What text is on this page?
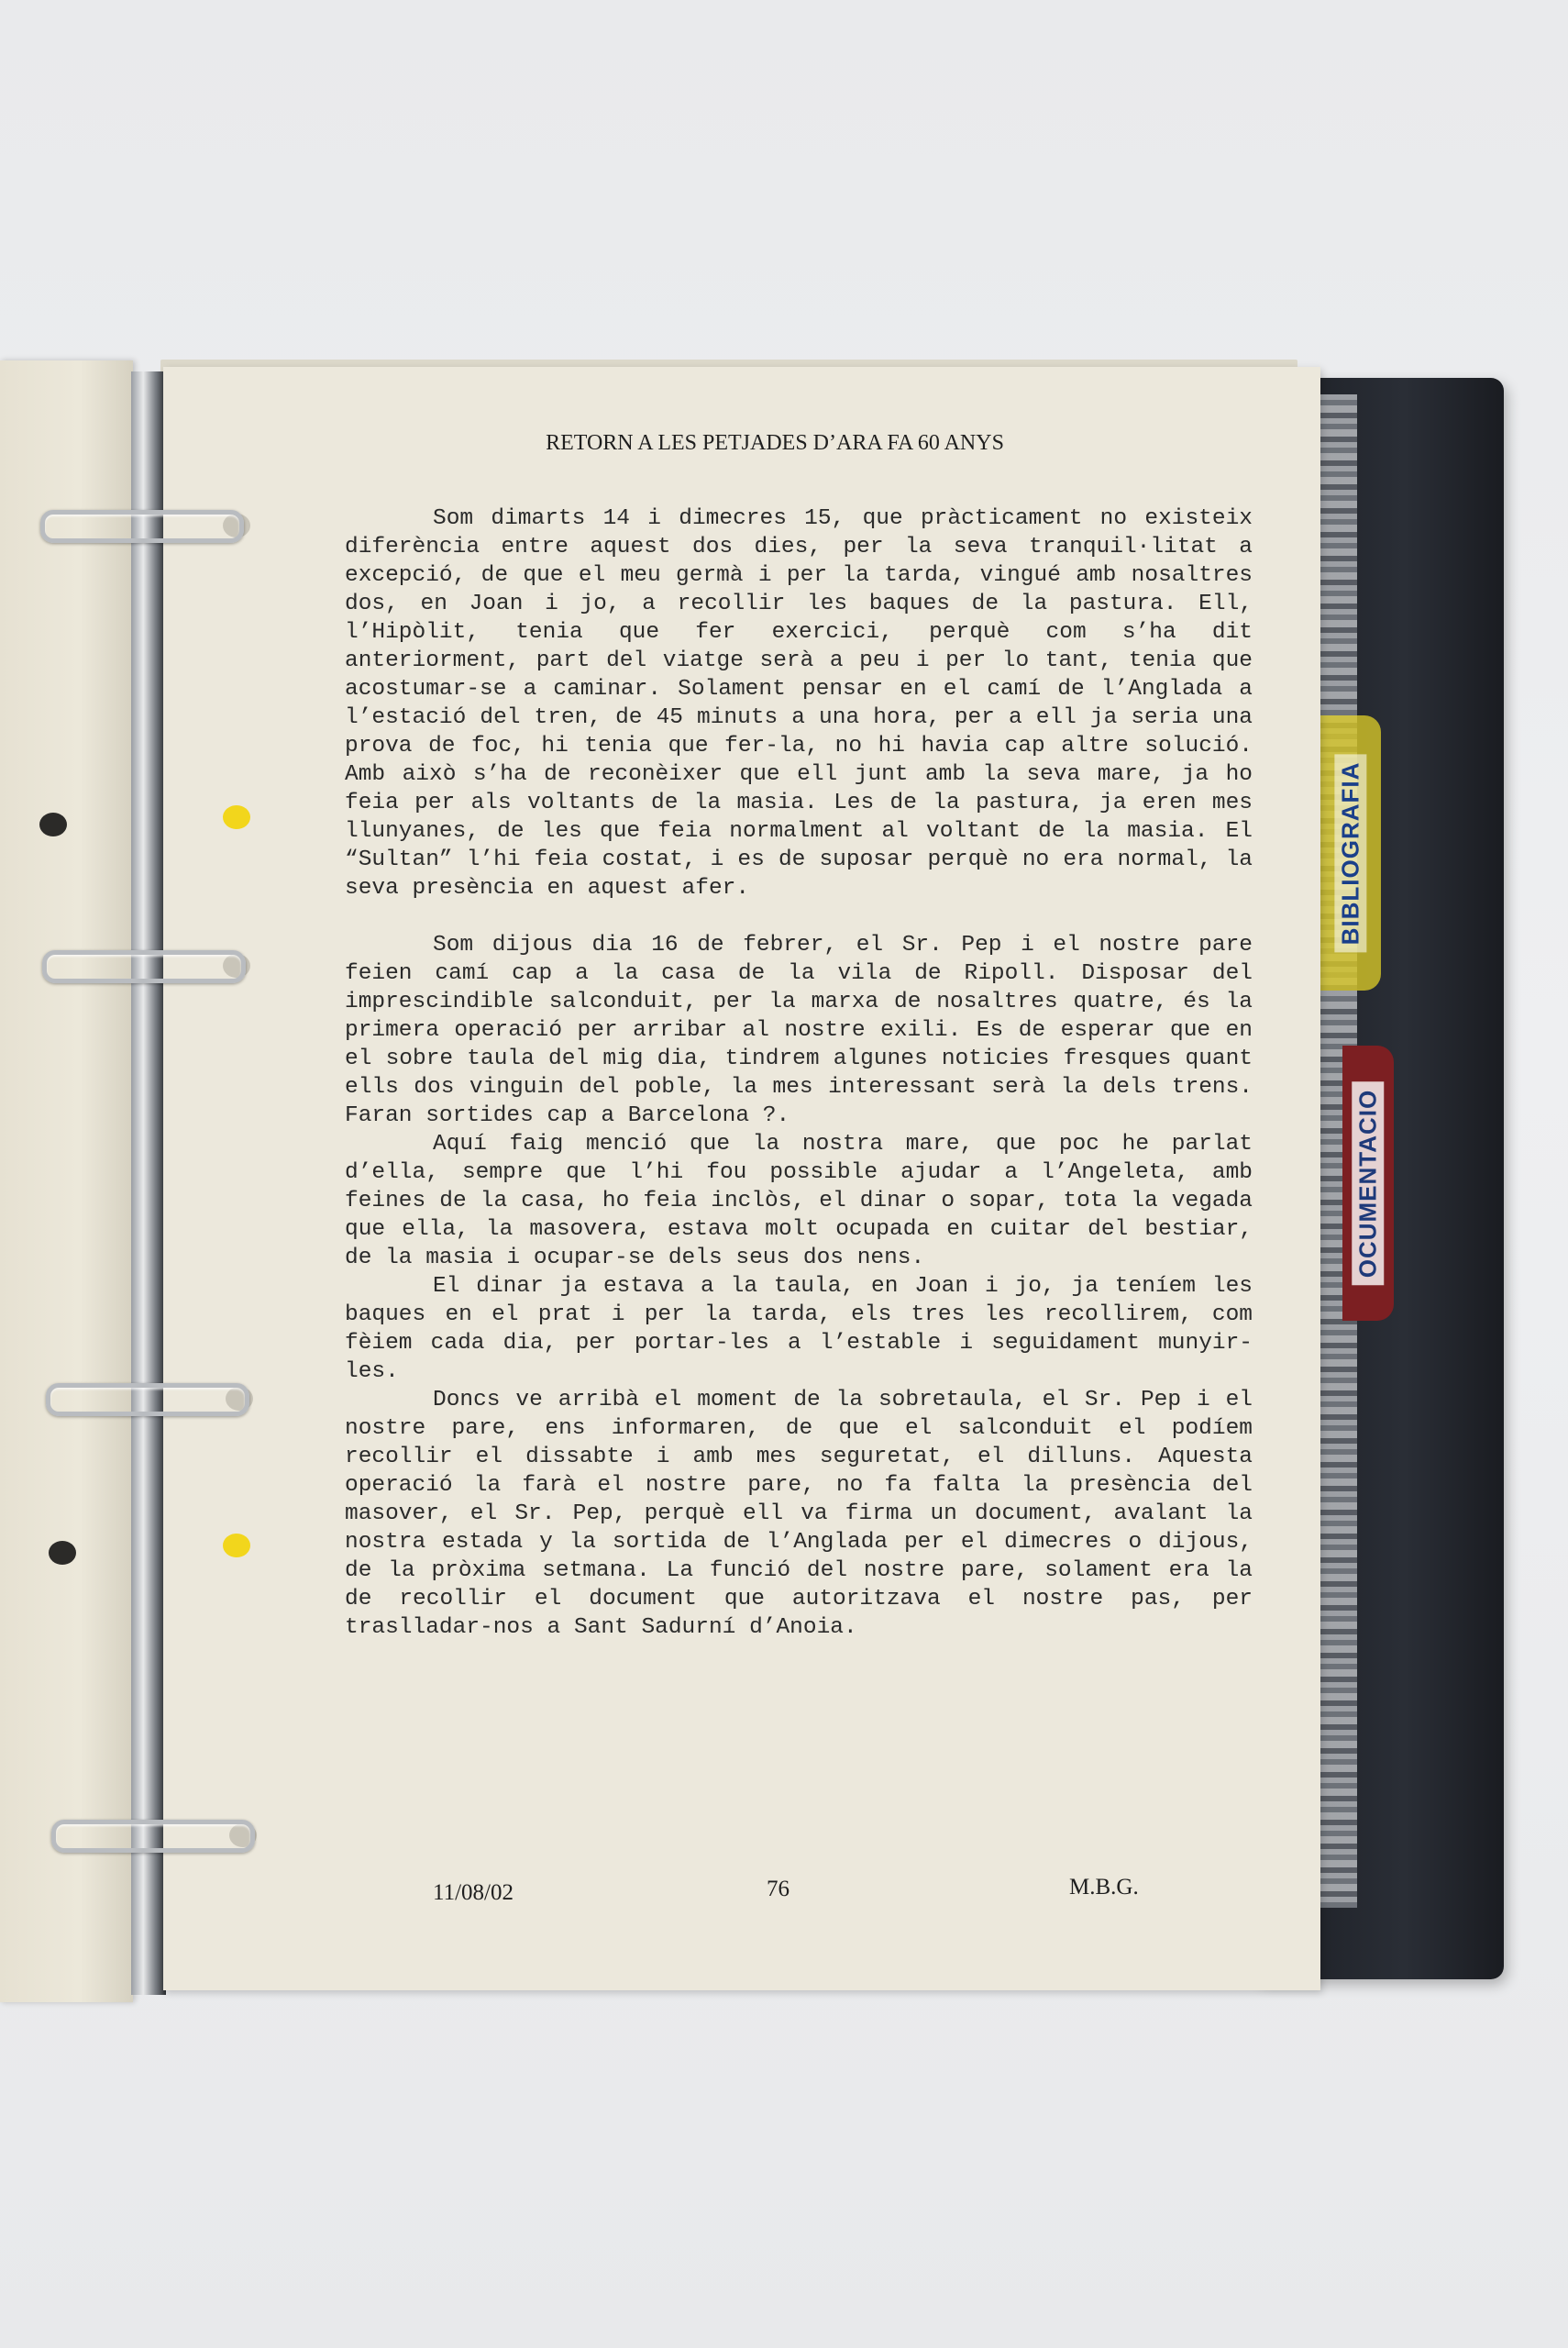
BIBLIOGRAFIA
OCUMENTACIO
RETORN A LES PETJADES D’ARA FA 60 ANYS

Som dimarts 14 i dimecres 15, que pràcticament no existeix diferència entre aquest dos dies, per la seva tranquil·litat a excepció, de que el meu germà i per la tarda, vingué amb nosaltres dos, en Joan i jo, a recollir les baques de la pastura. Ell, l’Hipòlit, tenia que fer exercici, perquè com s’ha dit anteriorment, part del viatge serà a peu i per lo tant, tenia que acostumar-se a caminar. Solament pensar en el camí de l’Anglada a l’estació del tren, de 45 minuts a una hora, per a ell ja seria una prova de foc, hi tenia que fer-la, no hi havia cap altre solució. Amb això s’ha de reconèixer que ell junt amb la seva mare, ja ho feia per als voltants de la masia. Les de la pastura, ja eren mes llunyanes, de les que feia normalment al voltant de la masia. El “Sultan” l’hi feia costat, i es de suposar perquè no era normal, la seva presència en aquest afer.

Som dijous dia 16 de febrer, el Sr. Pep i el nostre pare feien camí cap a la casa de la vila de Ripoll. Disposar del imprescindible salconduit, per la marxa de nosaltres quatre, és la primera operació per arribar al nostre exili. Es de esperar que en el sobre taula del mig dia, tindrem algunes noticies fresques quant ells dos vinguin del poble, la mes interessant serà la dels trens. Faran sortides cap a Barcelona ?.

Aquí faig menció que la nostra mare, que poc he parlat d’ella, sempre que l’hi fou possible ajudar a l’Angeleta, amb feines de la casa, ho feia inclòs, el dinar o sopar, tota la vegada que ella, la masovera, estava molt ocupada en cuitar del bestiar, de la masia i ocupar-se dels seus dos nens.

El dinar ja estava a la taula, en Joan i jo, ja teníem les baques en el prat i per la tarda, els tres les recollirem, com fèiem cada dia, per portar-les a l’estable i seguidament munyir-les.

Doncs ve arribà el moment de la sobretaula, el Sr. Pep i el nostre pare, ens informaren, de que el salconduit el podíem recollir el dissabte i amb mes seguretat, el dilluns. Aquesta operació la farà el nostre pare, no fa falta la presència del masover, el Sr. Pep, perquè ell va firma un document, avalant la nostra estada y la sortida de l’Anglada per el dimecres o dijous, de la pròxima setmana. La funció del nostre pare, solament era la de recollir el document que autoritzava el nostre pas, per traslladar-nos a Sant Sadurní d’Anoia.

11/08/02	76	M.B.G.
